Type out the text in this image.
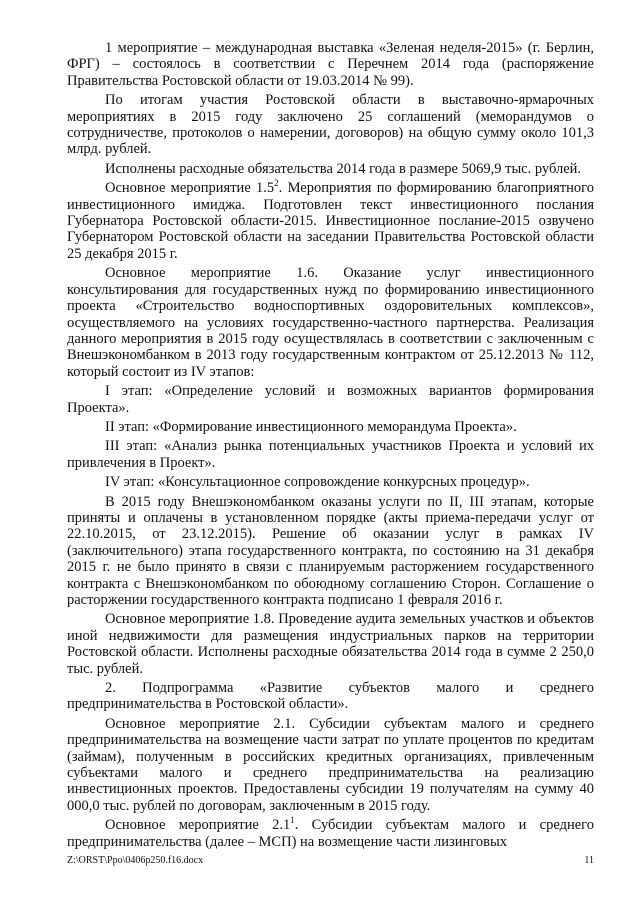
1 мероприятие – международная выставка «Зеленая неделя-2015» (г. Берлин, ФРГ) – состоялось в соответствии с Перечнем 2014 года (распоряжение Правительства Ростовской области от 19.03.2014 № 99).

По итогам участия Ростовской области в выставочно-ярмарочных мероприятиях в 2015 году заключено 25 соглашений (меморандумов о сотрудничестве, протоколов о намерении, договоров) на общую сумму около 101,3 млрд. рублей.

Исполнены расходные обязательства 2014 года в размере 5069,9 тыс. рублей.

Основное мероприятие $1.5^2$. Мероприятия по формированию благоприятного инвестиционного имиджа. Подготовлен текст инвестиционного послания Губернатора Ростовской области-2015. Инвестиционное послание-2015 озвучено Губернатором Ростовской области на заседании Правительства Ростовской области 25 декабря 2015 г.

Основное мероприятие 1.6. Оказание услуг инвестиционного консультирования для государственных нужд по формированию инвестиционного проекта «Строительство водноспортивных оздоровительных комплексов», осуществляемого на условиях государственно-частного партнерства. Реализация данного мероприятия в 2015 году осуществлялась в соответствии с заключенным с Внешэкономбанком в 2013 году государственным контрактом от 25.12.2013 № 112, который состоит из IV этапов:

I этап: «Определение условий и возможных вариантов формирования Проекта».

II этап: «Формирование инвестиционного меморандума Проекта».

III этап: «Анализ рынка потенциальных участников Проекта и условий их привлечения в Проект».

IV этап: «Консультационное сопровождение конкурсных процедур».

В 2015 году Внешэкономбанком оказаны услуги по II, III этапам, которые приняты и оплачены в установленном порядке (акты приема-передачи услуг от 22.10.2015, от 23.12.2015). Решение об оказании услуг в рамках IV (заключительного) этапа государственного контракта, по состоянию на 31 декабря 2015 г. не было принято в связи с планируемым расторжением государственного контракта с Внешэкономбанком по обоюдному соглашению Сторон. Соглашение о расторжении государственного контракта подписано 1 февраля 2016 г.

Основное мероприятие 1.8. Проведение аудита земельных участков и объектов иной недвижимости для размещения индустриальных парков на территории Ростовской области. Исполнены расходные обязательства 2014 года в сумме 2 250,0 тыс. рублей.

2. Подпрограмма «Развитие субъектов малого и среднего предпринимательства в Ростовской области».

Основное мероприятие 2.1. Субсидии субъектам малого и среднего предпринимательства на возмещение части затрат по уплате процентов по кредитам (займам), полученным в российских кредитных организациях, привлеченным субъектами малого и среднего предпринимательства на реализацию инвестиционных проектов. Предоставлены субсидии 19 получателям на сумму 40 000,0 тыс. рублей по договорам, заключенным в 2015 году.

Основное мероприятие $2.1^1$. Субсидии субъектам малого и среднего предпринимательства (далее – МСП) на возмещение части лизинговых

Z:\ORST\Ppo\0406p250.f16.docx	11
